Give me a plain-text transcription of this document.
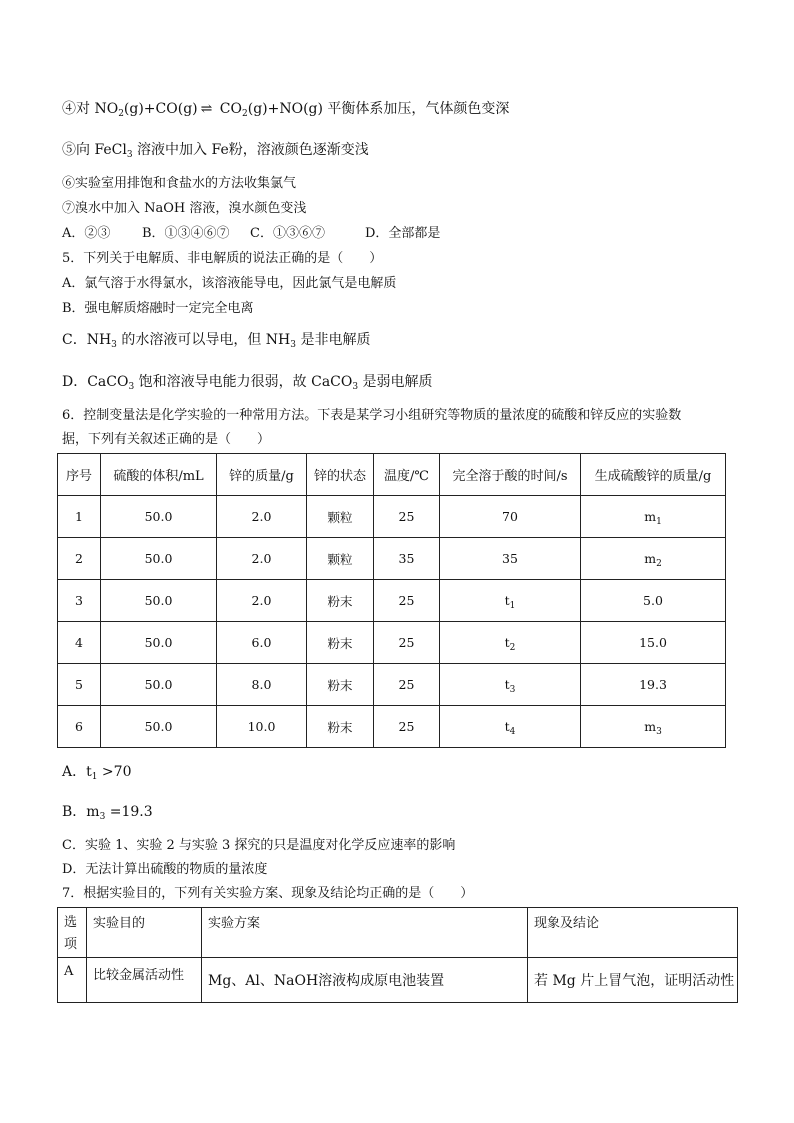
④对 $NO_2(g)+CO(g)$ ⇌ $CO_2(g)+NO(g)$ 平衡体系加压，气体颜色变深
⑤向 FeCl$_3$ 溶液中加入 Fe粉，溶液颜色逐渐变浅
⑥实验室用排饱和食盐水的方法收集氯气
⑦溴水中加入 NaOH 溶液，溴水颜色变浅
A．②③ B．①③④⑥⑦ C．①③⑥⑦	D．全部都是
5．下列关于电解质、非电解质的说法正确的是（　　）
A．氯气溶于水得氯水，该溶液能导电，因此氯气是电解质
B．强电解质熔融时一定完全电离
C．$NH_3$ 的水溶液可以导电，但 $NH_3$ 是非电解质
D．CaCO$_3$ 饱和溶液导电能力很弱，故 CaCO$_3$ 是弱电解质
6．控制变量法是化学实验的一种常用方法。下表是某学习小组研究等物质的量浓度的硫酸和锌反应的实验数
据，下列有关叙述正确的是（　　）
序号	硫酸的体积/mL	锌的质量/g	锌的状态	温度/℃	完全溶于酸的时间/s	生成硫酸锌的质量/g
1	50.0	2.0	颗粒	25	70	$m_1$
2	50.0	2.0	颗粒	35	35	$m_2$
3	50.0	2.0	粉末	25	$t_1$	5.0
4	50.0	6.0	粉末	25	$t_2$	15.0
5	50.0	8.0	粉末	25	$t_3$	19.3
6	50.0	10.0	粉末	25	$t_4$	$m_3$
A．$t_1 >70$
B．$m_3 =19.3$
C．实验 1、实验 2 与实验 3 探究的只是温度对化学反应速率的影响
D．无法计算出硫酸的物质的量浓度
7．根据实验目的，下列有关实验方案、现象及结论均正确的是（　　）
选项	实验目的	实验方案	现象及结论
A	比较金属活动性	Mg、Al、NaOH溶液构成原电池装置	若 Mg 片上冒气泡，证明活动性
